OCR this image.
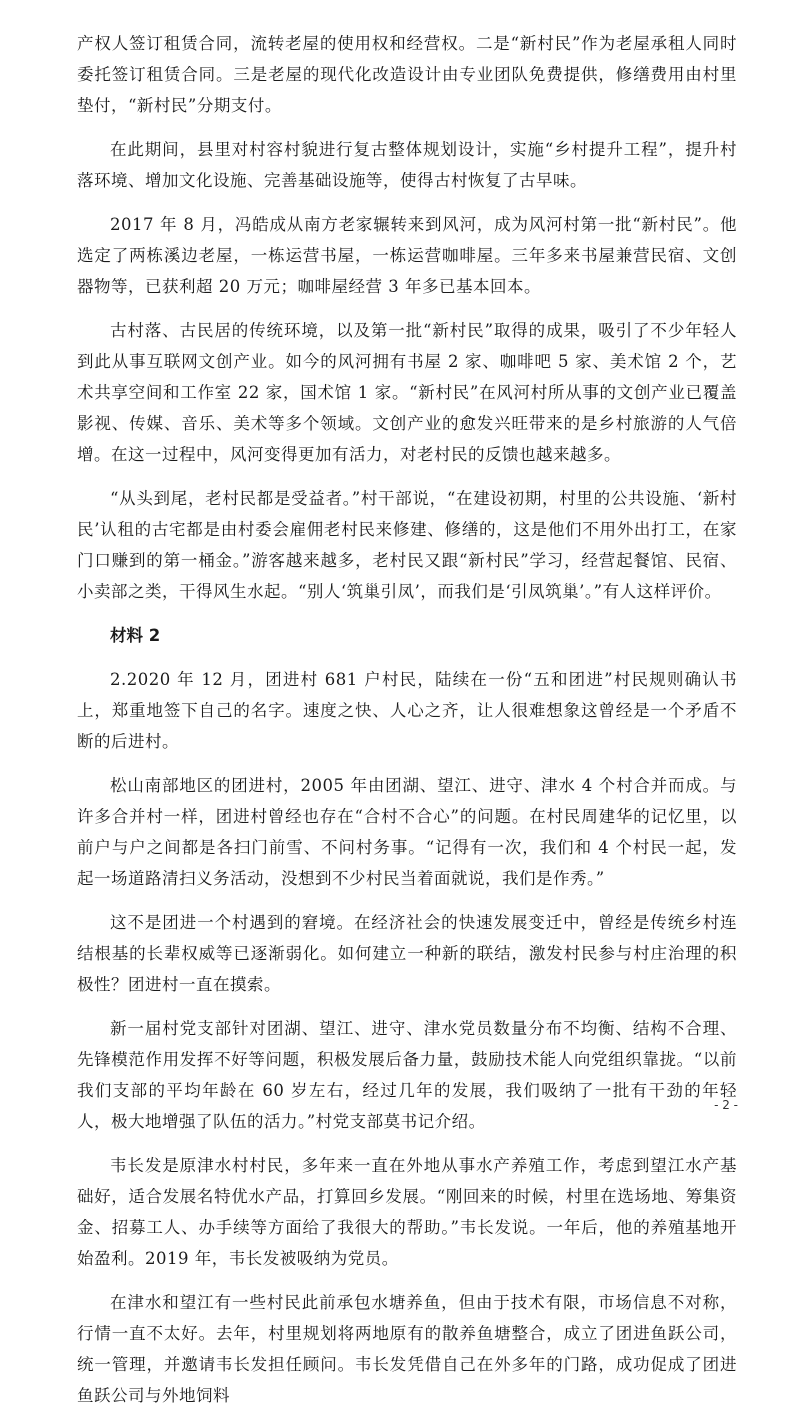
产权人签订租赁合同，流转老屋的使用权和经营权。二是“新村民”作为老屋承租人同时委托签订租赁合同。三是老屋的现代化改造设计由专业团队免费提供，修缮费用由村里垫付，“新村民”分期支付。

在此期间，县里对村容村貌进行复古整体规划设计，实施“乡村提升工程”，提升村落环境、增加文化设施、完善基础设施等，使得古村恢复了古早味。

2017 年 8 月，冯皓成从南方老家辗转来到风河，成为风河村第一批“新村民”。他选定了两栋溪边老屋，一栋运营书屋，一栋运营咖啡屋。三年多来书屋兼营民宿、文创器物等，已获利超 20 万元；咖啡屋经营 3 年多已基本回本。

古村落、古民居的传统环境，以及第一批“新村民”取得的成果，吸引了不少年轻人到此从事互联网文创产业。如今的风河拥有书屋 2 家、咖啡吧 5 家、美术馆 2 个，艺术共享空间和工作室 22 家，国术馆 1 家。“新村民”在风河村所从事的文创产业已覆盖影视、传媒、音乐、美术等多个领域。文创产业的愈发兴旺带来的是乡村旅游的人气倍增。在这一过程中，风河变得更加有活力，对老村民的反馈也越来越多。

“从头到尾，老村民都是受益者。”村干部说，“在建设初期，村里的公共设施、‘新村民’认租的古宅都是由村委会雇佣老村民来修建、修缮的，这是他们不用外出打工，在家门口赚到的第一桶金。”游客越来越多，老村民又跟“新村民”学习，经营起餐馆、民宿、小卖部之类，干得风生水起。“别人‘筑巢引凤’，而我们是‘引凤筑巢’。”有人这样评价。

材料 2

2.2020 年 12 月，团进村 681 户村民，陆续在一份“五和团进”村民规则确认书上，郑重地签下自己的名字。速度之快、人心之齐，让人很难想象这曾经是一个矛盾不断的后进村。

松山南部地区的团进村，2005 年由团湖、望江、进守、津水 4 个村合并而成。与许多合并村一样，团进村曾经也存在“合村不合心”的问题。在村民周建华的记忆里，以前户与户之间都是各扫门前雪、不问村务事。“记得有一次，我们和 4 个村民一起，发起一场道路清扫义务活动，没想到不少村民当着面就说，我们是作秀。”

这不是团进一个村遇到的窘境。在经济社会的快速发展变迁中，曾经是传统乡村连结根基的长辈权威等已逐渐弱化。如何建立一种新的联结，激发村民参与村庄治理的积极性？团进村一直在摸索。

新一届村党支部针对团湖、望江、进守、津水党员数量分布不均衡、结构不合理、先锋模范作用发挥不好等问题，积极发展后备力量，鼓励技术能人向党组织靠拢。“以前我们支部的平均年龄在 60 岁左右，经过几年的发展，我们吸纳了一批有干劲的年轻人，极大地增强了队伍的活力。”村党支部莫书记介绍。

韦长发是原津水村村民，多年来一直在外地从事水产养殖工作，考虑到望江水产基础好，适合发展名特优水产品，打算回乡发展。“刚回来的时候，村里在选场地、筹集资金、招募工人、办手续等方面给了我很大的帮助。”韦长发说。一年后，他的养殖基地开始盈利。2019 年，韦长发被吸纳为党员。

在津水和望江有一些村民此前承包水塘养鱼，但由于技术有限，市场信息不对称，行情一直不太好。去年，村里规划将两地原有的散养鱼塘整合，成立了团进鱼跃公司，统一管理，并邀请韦长发担任顾问。韦长发凭借自己在外多年的门路，成功促成了团进鱼跃公司与外地饲料

- 2 -
